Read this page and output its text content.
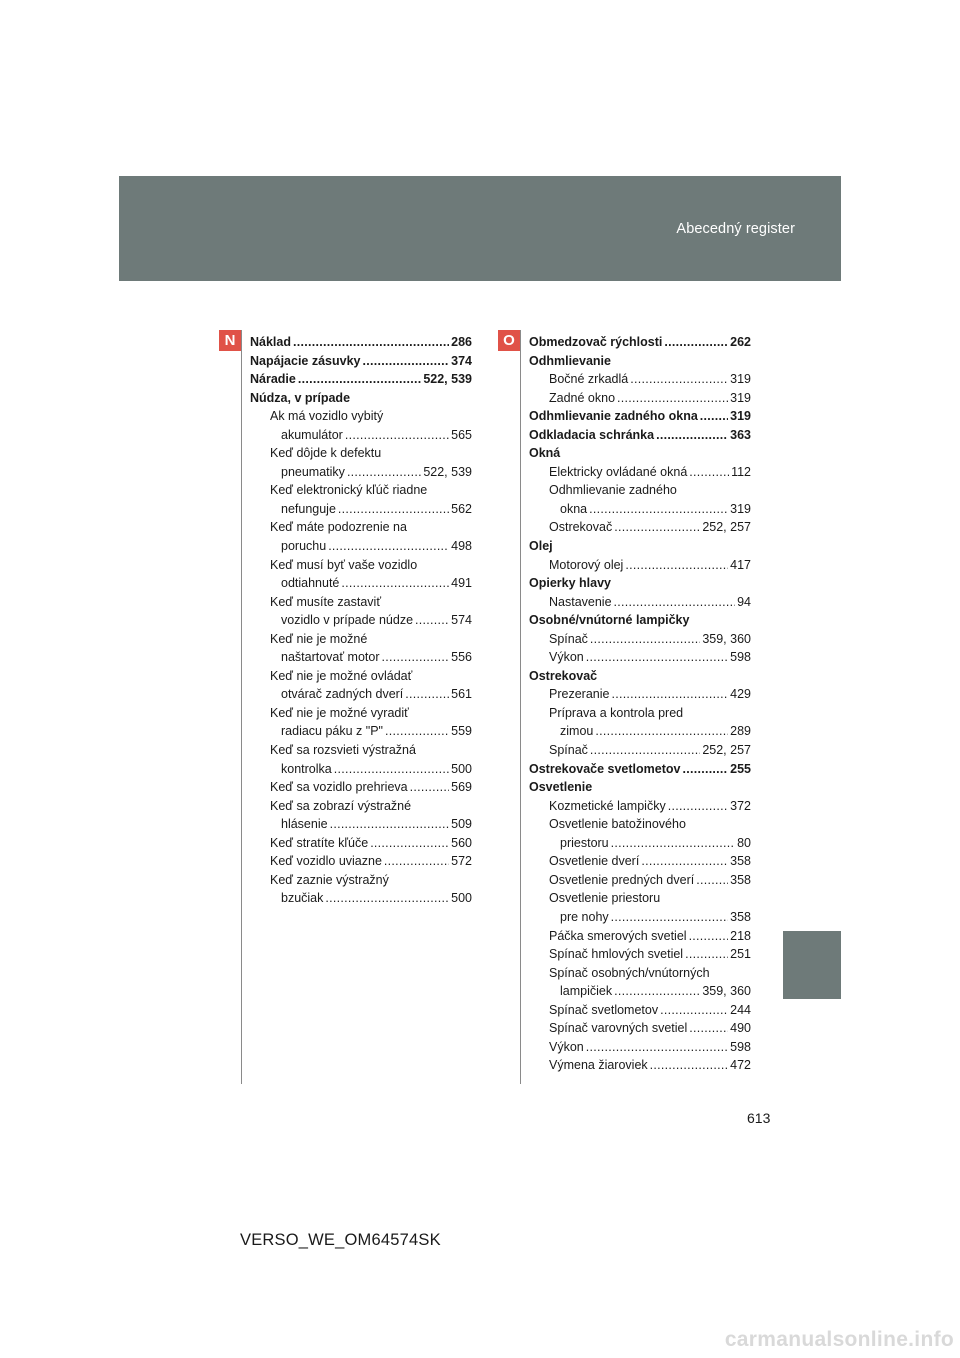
Abecedný register
N	Náklad . . .	286
Napájacie zásuvky . . .	374
Náradie . . .	522, 539
Núdza, v prípade
Ak má vozidlo vybitý
akumulátor . . .	565
Keď dôjde k defektu
pneumatiky . . .	522, 539
Keď elektronický kľúč riadne
nefunguje . . .	562
Keď máte podozrenie na
poruchu . . .	498
Keď musí byť vaše vozidlo
odtiahnuté . . .	491
Keď musíte zastaviť
vozidlo v prípade núdze . . .	574
Keď nie je možné
naštartovať motor . . .	556
Keď nie je možné ovládať
otvárač zadných dverí . . .	561
Keď nie je možné vyradiť
radiacu páku z "P" . . .	559
Keď sa rozsvieti výstražná
kontrolka . . .	500
Keď sa vozidlo prehrieva . . .	569
Keď sa zobrazí výstražné
hlásenie . . .	509
Keď stratíte kľúče . . .	560
Keď vozidlo uviazne . . .	572
Keď zaznie výstražný
bzučiak . . .	500
O	Obmedzovač rýchlosti . . .	262
Odhmlievanie
Bočné zrkadlá . . .	319
Zadné okno . . .	319
Odhmlievanie zadného okna . . .	319
Odkladacia schránka . . .	363
Okná
Elektricky ovládané okná . . .	112
Odhmlievanie zadného
okna . . .	319
Ostrekovač . . .	252, 257
Olej
Motorový olej . . .	417
Opierky hlavy
Nastavenie . . .	94
Osobné/vnútorné lampičky
Spínač . . .	359, 360
Výkon . . .	598
Ostrekovač
Prezeranie . . .	429
Príprava a kontrola pred
zimou . . .	289
Spínač . . .	252, 257
Ostrekovače svetlometov . . .	255
Osvetlenie
Kozmetické lampičky . . .	372
Osvetlenie batožinového
priestoru . . .	80
Osvetlenie dverí . . .	358
Osvetlenie predných dverí . . .	358
Osvetlenie priestoru
pre nohy . . .	358
Páčka smerových svetiel . . .	218
Spínač hmlových svetiel . . .	251
Spínač osobných/vnútorných
lampičiek . . .	359, 360
Spínač svetlometov . . .	244
Spínač varovných svetiel . . .	490
Výkon . . .	598
Výmena žiaroviek . . .	472
613
VERSO_WE_OM64574SK
carmanualsonline.info
